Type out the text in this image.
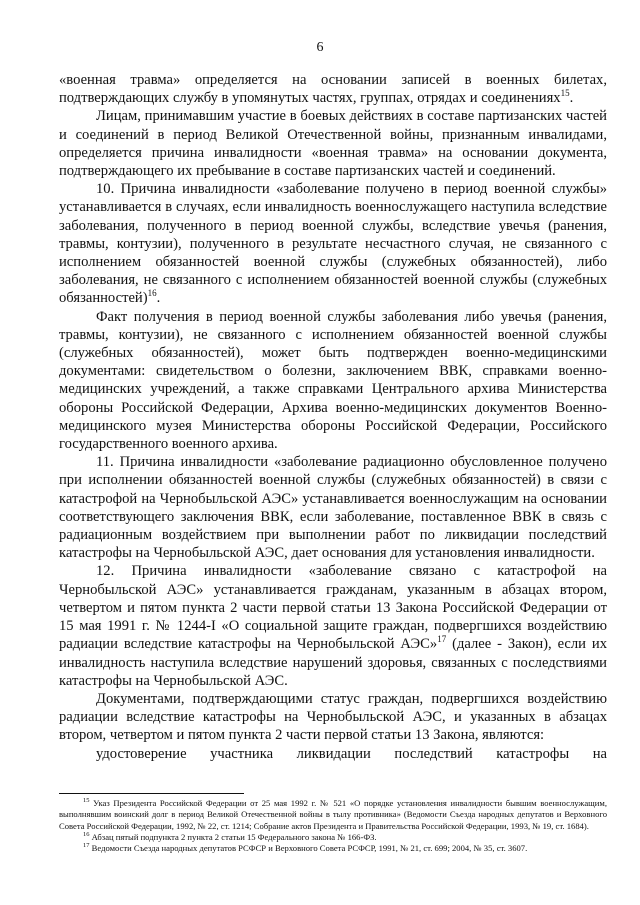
6

«военная травма» определяется на основании записей в военных билетах, подтверждающих службу в упомянутых частях, группах, отрядах и соединениях$^{15}$.

Лицам, принимавшим участие в боевых действиях в составе партизанских частей и соединений в период Великой Отечественной войны, признанным инвалидами, определяется причина инвалидности «военная травма» на основании документа, подтверждающего их пребывание в составе партизанских частей и соединений.

10. Причина инвалидности «заболевание получено в период военной службы» устанавливается в случаях, если инвалидность военнослужащего наступила вследствие заболевания, полученного в период военной службы, вследствие увечья (ранения, травмы, контузии), полученного в результате несчастного случая, не связанного с исполнением обязанностей военной службы (служебных обязанностей), либо заболевания, не связанного с исполнением обязанностей военной службы (служебных обязанностей)$^{16}$.

Факт получения в период военной службы заболевания либо увечья (ранения, травмы, контузии), не связанного с исполнением обязанностей военной службы (служебных обязанностей), может быть подтвержден военно-медицинскими документами: свидетельством о болезни, заключением ВВК, справками военно-медицинских учреждений, а также справками Центрального архива Министерства обороны Российской Федерации, Архива военно-медицинских документов Военно-медицинского музея Министерства обороны Российской Федерации, Российского государственного военного архива.

11. Причина инвалидности «заболевание радиационно обусловленное получено при исполнении обязанностей военной службы (служебных обязанностей) в связи с катастрофой на Чернобыльской АЭС» устанавливается военнослужащим на основании соответствующего заключения ВВК, если заболевание, поставленное ВВК в связь с радиационным воздействием при выполнении работ по ликвидации последствий катастрофы на Чернобыльской АЭС, дает основания для установления инвалидности.

12. Причина инвалидности «заболевание связано с катастрофой на Чернобыльской АЭС» устанавливается гражданам, указанным в абзацах втором, четвертом и пятом пункта 2 части первой статьи 13 Закона Российской Федерации от 15 мая 1991 г. № 1244-I «О социальной защите граждан, подвергшихся воздействию радиации вследствие катастрофы на Чернобыльской АЭС»$^{17}$ (далее - Закон), если их инвалидность наступила вследствие нарушений здоровья, связанных с последствиями катастрофы на Чернобыльской АЭС.

Документами, подтверждающими статус граждан, подвергшихся воздействию радиации вследствие катастрофы на Чернобыльской АЭС, и указанных в абзацах втором, четвертом и пятом пункта 2 части первой статьи 13 Закона, являются:

удостоверение участника ликвидации последствий катастрофы на

$^{15}$ Указ Президента Российской Федерации от 25 мая 1992 г. № 521 «О порядке установления инвалидности бывшим военнослужащим, выполнявшим воинский долг в период Великой Отечественной войны в тылу противника» (Ведомости Съезда народных депутатов и Верховного Совета Российской Федерации, 1992, № 22, ст. 1214; Собрание актов Президента и Правительства Российской Федерации, 1993, № 19, ст. 1684).

$^{16}$ Абзац пятый подпункта 2 пункта 2 статьи 15 Федерального закона № 166-ФЗ.

$^{17}$ Ведомости Съезда народных депутатов РСФСР и Верховного Совета РСФСР, 1991, № 21, ст. 699; 2004, № 35, ст. 3607.
